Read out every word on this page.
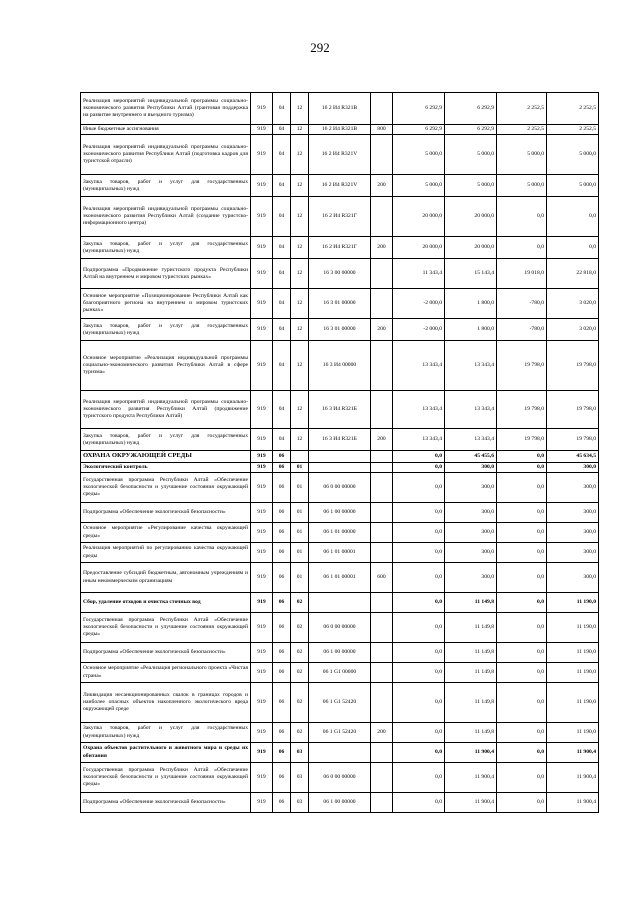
292
Реализация мероприятий индивидуальной программы социально-экономического развития Республики Алтай (грантовая поддержка на развитие внутреннего и въездного туризма)	919	04	12	16 2 И4 R321B		6 292,9	6 292,9	2 252,5	2 252,5
Иные бюджетные ассигнования	919	04	12	16 2 И4 R321B	800	6 292,9	6 292,9	2 252,5	2 252,5
Реализация мероприятий индивидуальной программы социально-экономического развития Республики Алтай (подготовка кадров для туристской отрасли)	919	04	12	16 2 И4 R321V		5 000,0	5 000,0	5 000,0	5 000,0
Закупка товаров, работ и услуг для государственных (муниципальных) нужд	919	04	12	16 2 И4 R321V	200	5 000,0	5 000,0	5 000,0	5 000,0
Реализация мероприятий индивидуальной программы социально-экономического развития Республики Алтай (создание туристско-информационного центра)	919	04	12	16 2 И4 R321Г		20 000,0	20 000,0	0,0	0,0
Закупка товаров, работ и услуг для государственных (муниципальных) нужд	919	04	12	16 2 И4 R321Г	200	20 000,0	20 000,0	0,0	0,0
Подпрограмма «Продвижение туристского продукта Республики Алтай на внутреннем и мировом туристских рынках»	919	04	12	16 3 00 00000		11 343,4	15 143,4	19 018,0	22 818,0
Основное мероприятие «Позиционирование Республики Алтай как благоприятного региона на внутреннем и мировом туристских рынках»	919	04	12	16 3 01 00000		-2 000,0	1 800,0	-780,0	3 020,0
Закупка товаров, работ и услуг для государственных (муниципальных) нужд	919	04	12	16 3 01 00000	200	-2 000,0	1 800,0	-780,0	3 020,0
Основное мероприятие «Реализация индивидуальной программы социально-экономического развития Республики Алтай в сфере туризма»	919	04	12	16 3 И4 00000		13 343,4	13 343,4	19 798,0	19 798,0
Реализация мероприятий индивидуальной программы социально-экономического развития Республики Алтай (продвижение туристского продукта Республики Алтай)	919	04	12	16 3 И4 R321Б		13 343,4	13 343,4	19 798,0	19 798,0
Закупка товаров, работ и услуг для государственных (муниципальных) нужд	919	04	12	16 3 И4 R321Б	200	13 343,4	13 343,4	19 798,0	19 798,0
ОХРАНА ОКРУЖАЮЩЕЙ СРЕДЫ	919	06				0,0	45 455,6	0,0	45 634,5
Экологический контроль	919	06	01			0,0	300,0	0,0	300,0
Государственная программа Республики Алтай «Обеспечение экологической безопасности и улучшение состояния окружающей среды»	919	06	01	06 0 00 00000		0,0	300,0	0,0	300,0
Подпрограмма «Обеспечение экологической безопасности»	919	06	01	06 1 00 00000		0,0	300,0	0,0	300,0
Основное мероприятие «Регулирование качества окружающей среды»	919	06	01	06 1 01 00000		0,0	300,0	0,0	300,0
Реализация мероприятий по регулированию качества окружающей среды	919	06	01	06 1 01 00001		0,0	300,0	0,0	300,0
Предоставление субсидий бюджетным, автономным учреждениям и иным некоммерческим организациям	919	06	01	06 1 01 00001	600	0,0	300,0	0,0	300,0
Сбор, удаление отходов и очистка сточных вод	919	06	02			0,0	11 149,8	0,0	11 190,0
Государственная программа Республики Алтай «Обеспечение экологической безопасности и улучшение состояния окружающей среды»	919	06	02	06 0 00 00000		0,0	11 149,8	0,0	11 190,0
Подпрограмма «Обеспечение экологической безопасности»	919	06	02	06 1 00 00000		0,0	11 149,8	0,0	11 190,0
Основное мероприятие «Реализация регионального проекта «Чистая страна»	919	06	02	06 1 G1 00000		0,0	11 149,8	0,0	11 190,0
Ликвидация несанкционированных свалок в границах городов и наиболее опасных объектов накопленного экологического вреда окружающей среде	919	06	02	06 1 G1 52420		0,0	11 149,8	0,0	11 190,0
Закупка товаров, работ и услуг для государственных (муниципальных) нужд	919	06	02	06 1 G1 52420	200	0,0	11 149,8	0,0	11 190,0
Охрана объектов растительного и животного мира и среды их обитания	919	06	03			0,0	11 900,4	0,0	11 900,4
Государственная программа Республики Алтай «Обеспечение экологической безопасности и улучшение состояния окружающей среды»	919	06	03	06 0 00 00000		0,0	11 900,4	0,0	11 900,4
Подпрограмма «Обеспечение экологической безопасности»	919	06	03	06 1 00 00000		0,0	11 900,4	0,0	11 900,4
